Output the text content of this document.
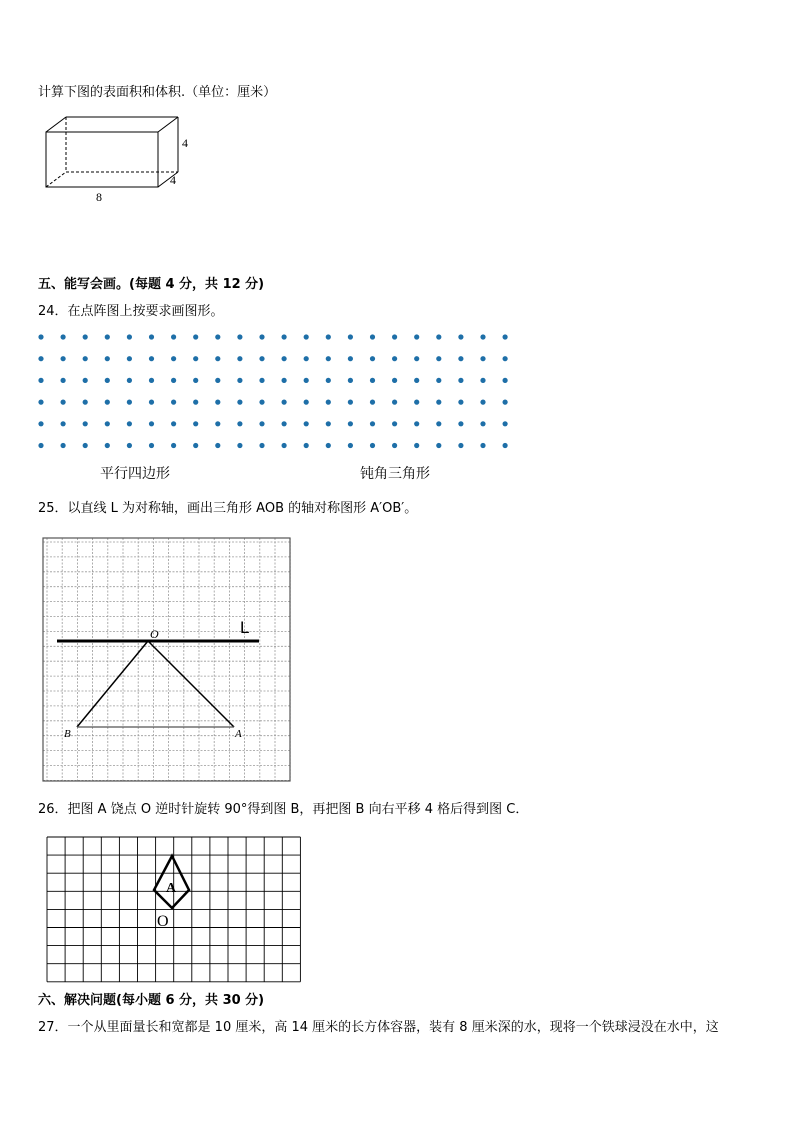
计算下图的表面积和体积.（单位：厘米）
4
4
8
五、能写会画。(每题 4 分，共 12 分)
24．在点阵图上按要求画图形。
平行四边形	钝角三角形
25．以直线 L 为对称轴，画出三角形 AOB 的轴对称图形 A′OB′。
O	L
B	A
26．把图 A 饶点 O 逆时针旋转 90°得到图 B，再把图 B 向右平移 4 格后得到图 C．
A
O
六、解决问题(每小题 6 分，共 30 分)
27．一个从里面量长和宽都是 10 厘米，高 14 厘米的长方体容器，装有 8 厘米深的水，现将一个铁球浸没在水中，这
